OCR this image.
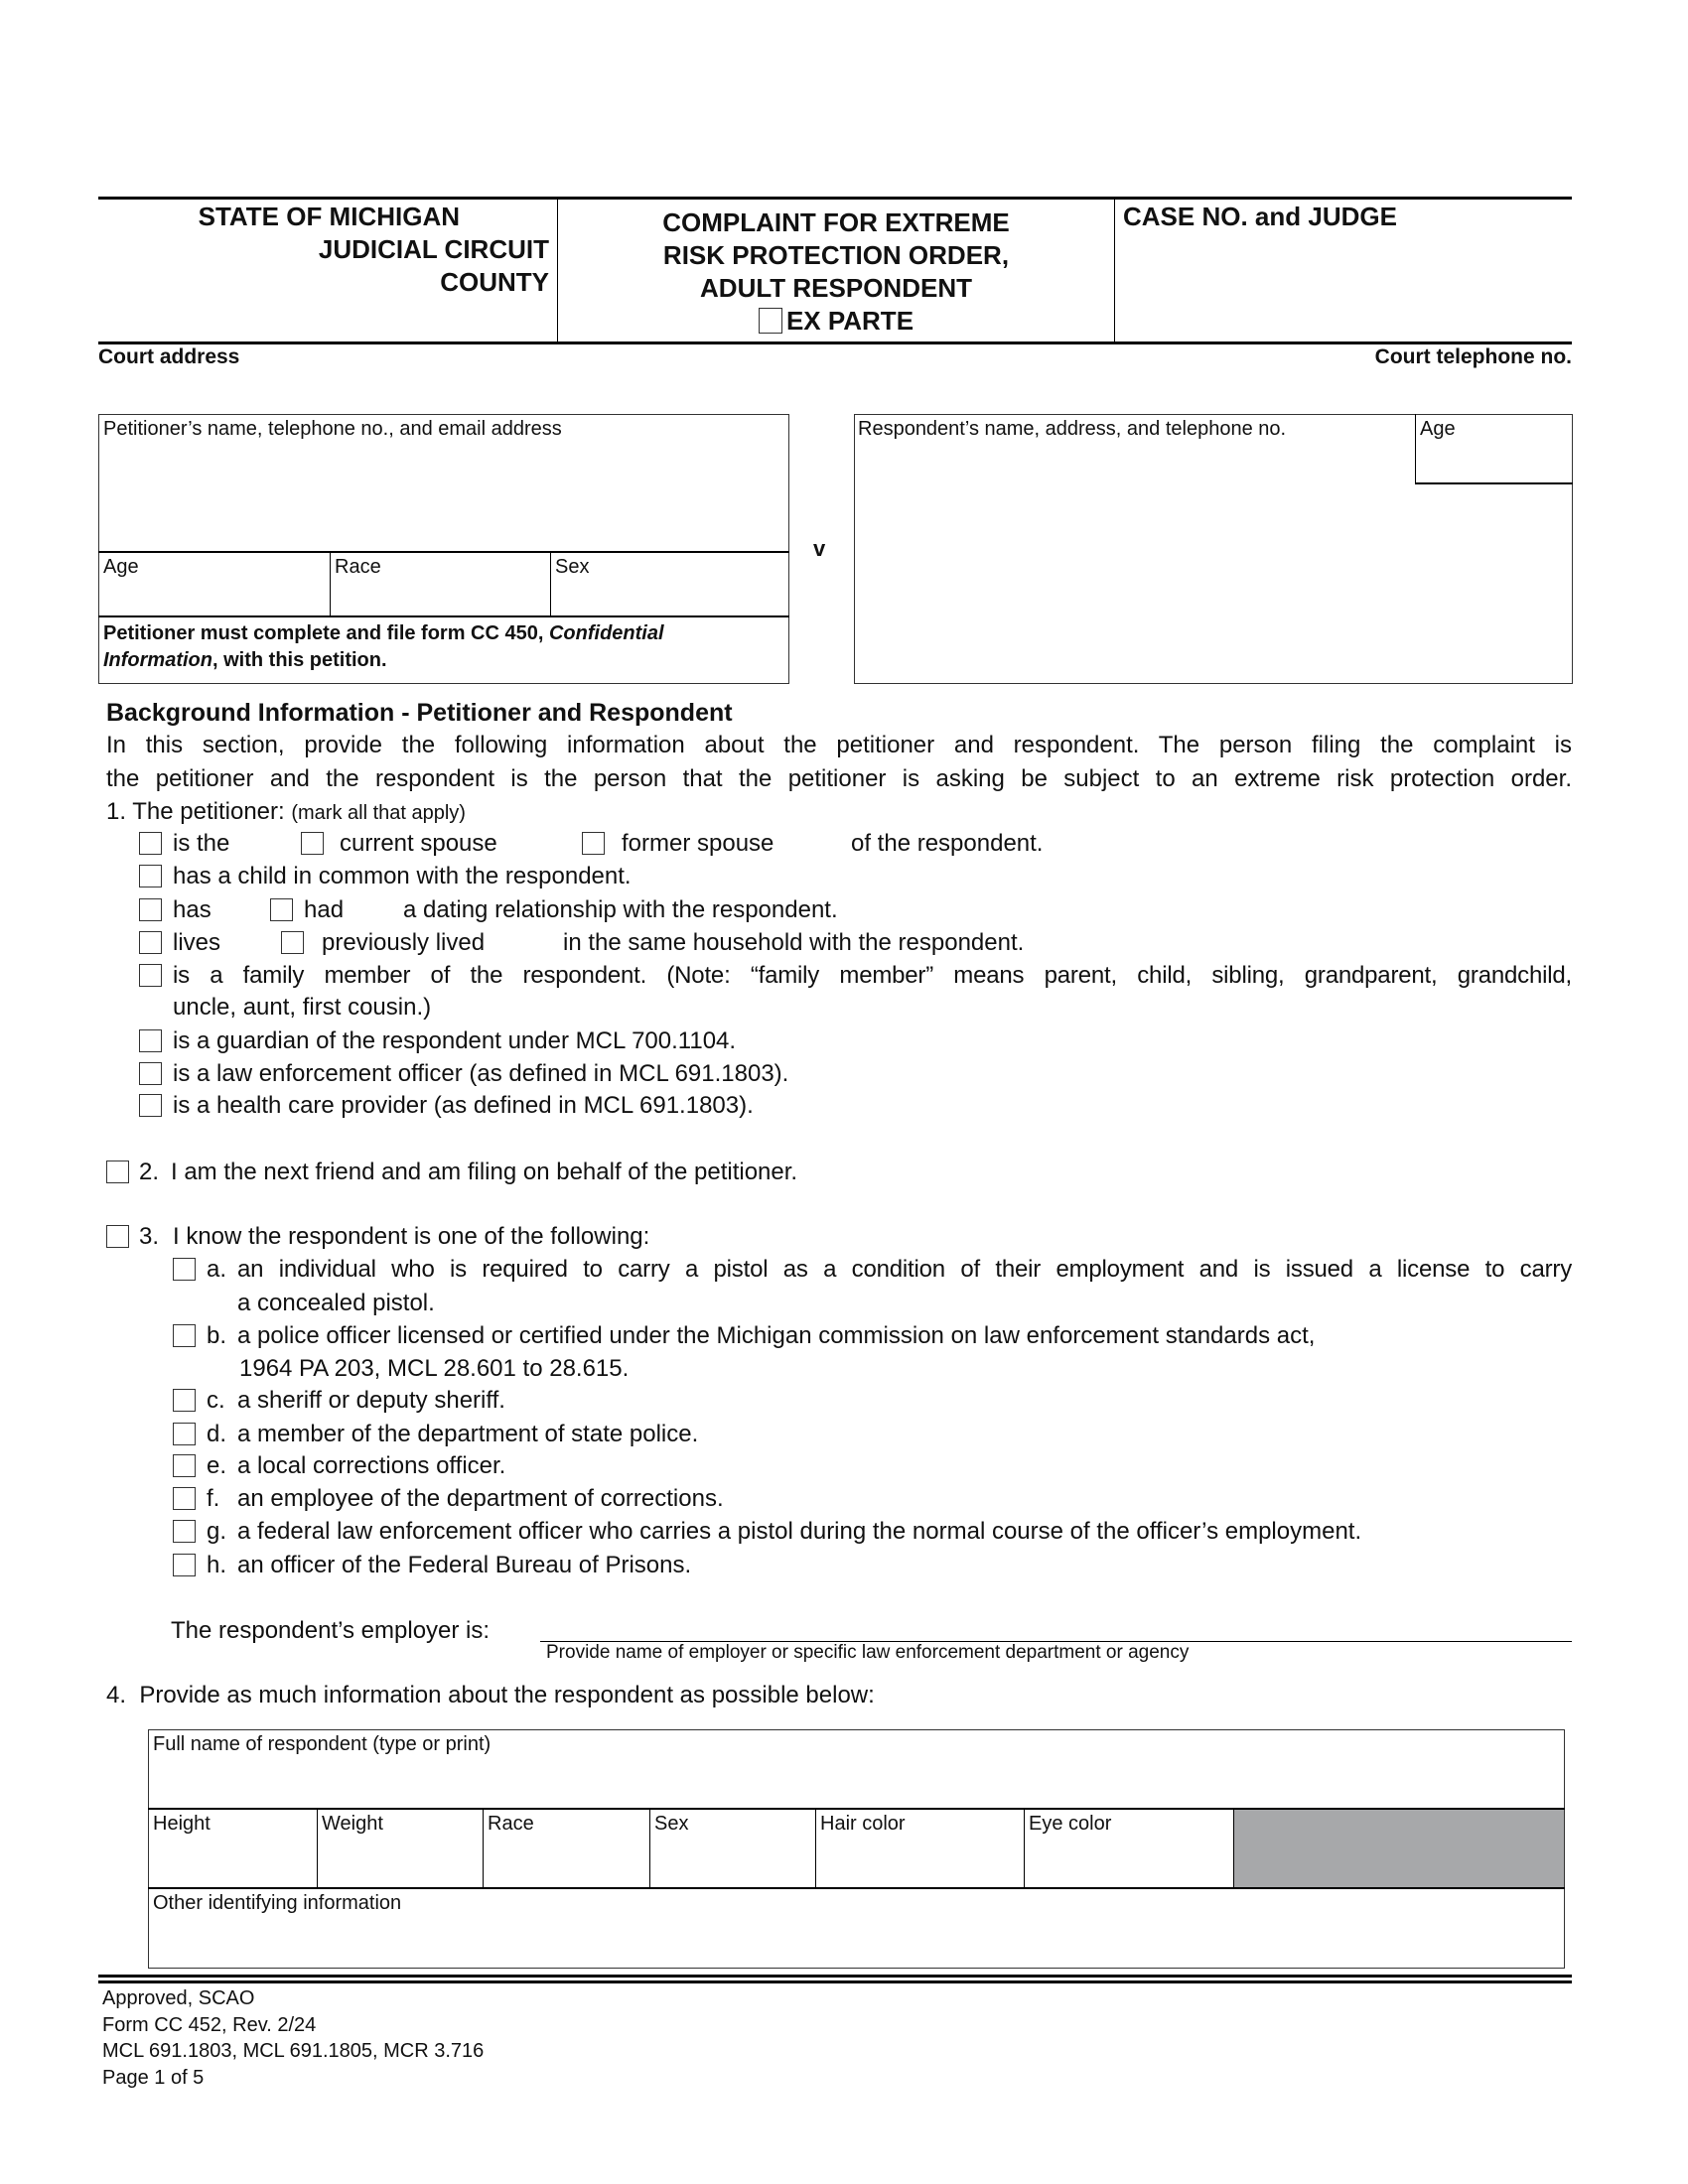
STATE OF MICHIGAN
JUDICIAL CIRCUIT
COUNTY
COMPLAINT FOR EXTREME
RISK PROTECTION ORDER,
ADULT RESPONDENT
EX PARTE
CASE NO. and JUDGE
Court address	Court telephone no.
Petitioner’s name, telephone no., and email address
Age	Race	Sex
Petitioner must complete and file form CC 450, Confidential
Information, with this petition.
v
Respondent’s name, address, and telephone no.	Age
Background Information - Petitioner and Respondent
In this section, provide the following information about the petitioner and respondent. The person filing the complaint is
the petitioner and the respondent is the person that the petitioner is asking be subject to an extreme risk protection order.
1. The petitioner: (mark all that apply)
is the	current spouse	former spouse	of the respondent.
has a child in common with the respondent.
has	had a dating relationship with the respondent.
lives	previously lived	in the same household with the respondent.
is a family member of the respondent. (Note: “family member” means parent, child, sibling, grandparent, grandchild,
uncle, aunt, first cousin.)
is a guardian of the respondent under MCL 700.1104.
is a law enforcement officer (as defined in MCL 691.1803).
is a health care provider (as defined in MCL 691.1803).
2. I am the next friend and am filing on behalf of the petitioner.
3. I know the respondent is one of the following:
a. an individual who is required to carry a pistol as a condition of their employment and is issued a license to carry
a concealed pistol.
b. a police officer licensed or certified under the Michigan commission on law enforcement standards act,
1964 PA 203, MCL 28.601 to 28.615.
c. a sheriff or deputy sheriff.
d. a member of the department of state police.
e. a local corrections officer.
f. an employee of the department of corrections.
g. a federal law enforcement officer who carries a pistol during the normal course of the officer’s employment.
h. an officer of the Federal Bureau of Prisons.
The respondent’s employer is:
Provide name of employer or specific law enforcement department or agency
4. Provide as much information about the respondent as possible below:
Full name of respondent (type or print)
Height	Weight	Race	Sex	Hair color	Eye color
Other identifying information
Approved, SCAO
Form CC 452, Rev. 2/24
MCL 691.1803, MCL 691.1805, MCR 3.716
Page 1 of 5
